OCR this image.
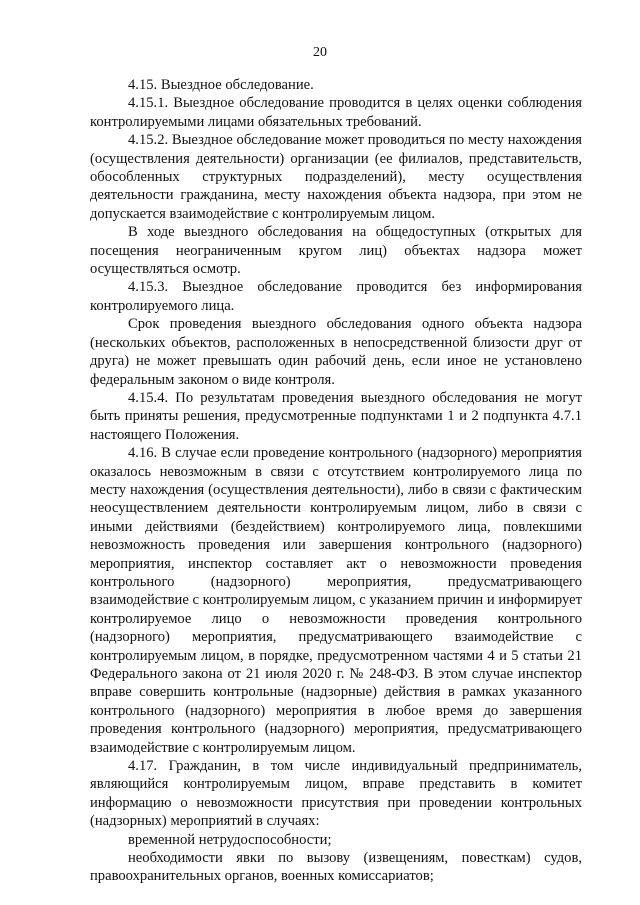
20

4.15. Выездное обследование.

4.15.1. Выездное обследование проводится в целях оценки соблюдения контролируемыми лицами обязательных требований.

4.15.2. Выездное обследование может проводиться по месту нахождения (осуществления деятельности) организации (ее филиалов, представительств, обособленных структурных подразделений), месту осуществления деятельности гражданина, месту нахождения объекта надзора, при этом не допускается взаимодействие с контролируемым лицом.

В ходе выездного обследования на общедоступных (открытых для посещения неограниченным кругом лиц) объектах надзора может осуществляться осмотр.

4.15.3. Выездное обследование проводится без информирования контролируемого лица.

Срок проведения выездного обследования одного объекта надзора (нескольких объектов, расположенных в непосредственной близости друг от друга) не может превышать один рабочий день, если иное не установлено федеральным законом о виде контроля.

4.15.4. По результатам проведения выездного обследования не могут быть приняты решения, предусмотренные подпунктами 1 и 2 подпункта 4.7.1 настоящего Положения.

4.16. В случае если проведение контрольного (надзорного) мероприятия оказалось невозможным в связи с отсутствием контролируемого лица по месту нахождения (осуществления деятельности), либо в связи с фактическим неосуществлением деятельности контролируемым лицом, либо в связи с иными действиями (бездействием) контролируемого лица, повлекшими невозможность проведения или завершения контрольного (надзорного) мероприятия, инспектор составляет акт о невозможности проведения контрольного (надзорного) мероприятия, предусматривающего взаимодействие с контролируемым лицом, с указанием причин и информирует контролируемое лицо о невозможности проведения контрольного (надзорного) мероприятия, предусматривающего взаимодействие с контролируемым лицом, в порядке, предусмотренном частями 4 и 5 статьи 21 Федерального закона от 21 июля 2020 г. № 248-ФЗ. В этом случае инспектор вправе совершить контрольные (надзорные) действия в рамках указанного контрольного (надзорного) мероприятия в любое время до завершения проведения контрольного (надзорного) мероприятия, предусматривающего взаимодействие с контролируемым лицом.

4.17. Гражданин, в том числе индивидуальный предприниматель, являющийся контролируемым лицом, вправе представить в комитет информацию о невозможности присутствия при проведении контрольных (надзорных) мероприятий в случаях:

временной нетрудоспособности;

необходимости явки по вызову (извещениям, повесткам) судов, правоохранительных органов, военных комиссариатов;
